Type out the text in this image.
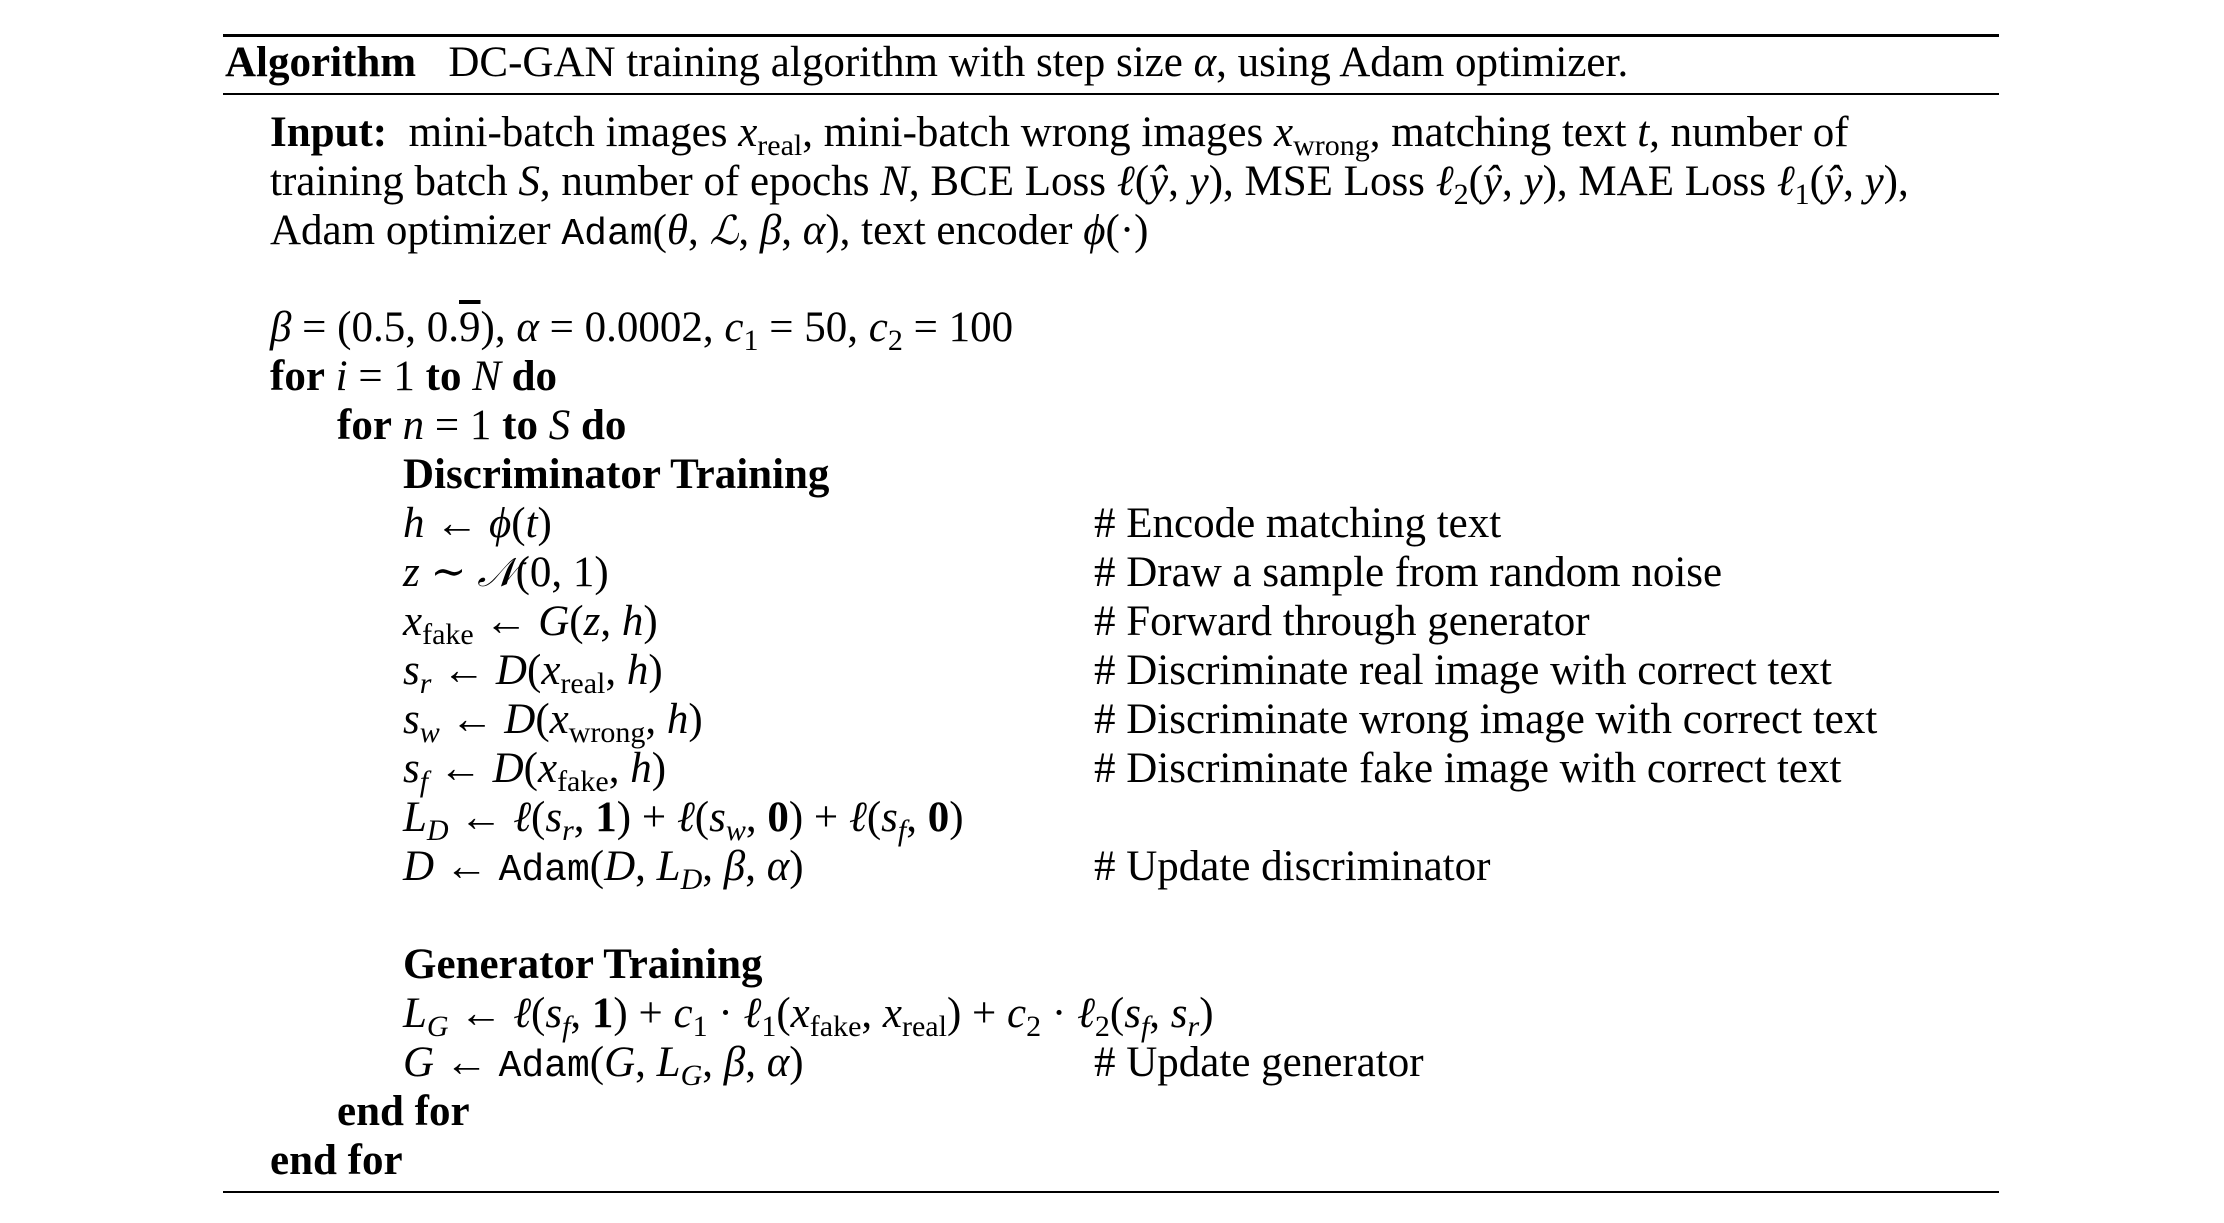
Algorithm   DC-GAN training algorithm with step size α, using Adam optimizer.
Input:  mini-batch images $x_{real}$, mini-batch wrong images $x_{wrong}$, matching text t, number of
training batch S, number of epochs N, BCE Loss ℓ(ŷ, y), MSE Loss ℓ$_2$(ŷ, y), MAE Loss ℓ$_1$(ŷ, y),
Adam optimizer Adam(θ, ℒ, β, α), text encoder ϕ(·)
β = (0.5, 0.9), α = 0.0002, $c_1 = 50$, $c_2 = 100$
for i = 1 to N do
for n = 1 to S do
Discriminator Training
h ← ϕ(t)	# Encode matching text
z ∼ 𝒩(0, 1)	# Draw a sample from random noise
$x_{fake}$ ← G(z, h)	# Forward through generator
$s_r$ ← $D(x_{real}$, h)	# Discriminate real image with correct text
$s_w$ ← $D(x_{wrong}$, h)	# Discriminate wrong image with correct text
$s_f$ ← $D(x_{fake}$, h)	# Discriminate fake image with correct text
$L_D$ ← $\ell(s_r$, $1) + \ell(s_w$, $0) + \ell(s_f$, 0)
D ← Adam(D, $L_D$, β, α)	# Update discriminator
Generator Training
$L_G$ ← $\ell(s_f$, $1) + c_1$ · $\ell_1(x_{fake}$, $x_{real}) + c_2$ · $\ell_2(s_f$, $s_r$)
G ← Adam(G, $L_G$, β, α)	# Update generator
end for
end for
